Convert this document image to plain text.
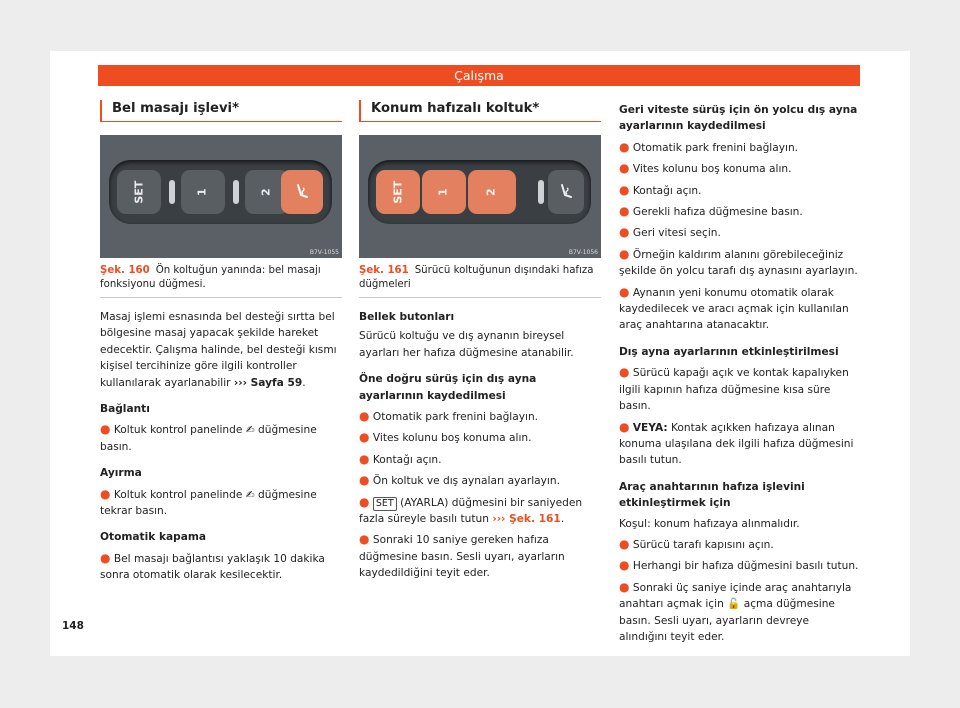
Çalışma
Bel masajı işlevi*
SET	1	2
B7V-1055
Şek. 160 Ön koltuğun yanında: bel masajı fonksiyonu düğmesi.

Masaj işlemi esnasında bel desteği sırtta bel bölgesine masaj yapacak şekilde hareket edecektir. Çalışma halinde, bel desteği kısmı kişisel tercihinize göre ilgili kontroller kullanılarak ayarlanabilir ››› Sayfa 59.

Bağlantı

● Koltuk kontrol panelinde ✍ düğmesine basın.

Ayırma

● Koltuk kontrol panelinde ✍ düğmesine tekrar basın.

Otomatik kapama

● Bel masajı bağlantısı yaklaşık 10 dakika sonra otomatik olarak kesilecektir.

Konum hafızalı koltuk*
SET	1	2
B7V-1056
Şek. 161 Sürücü koltuğunun dışındaki hafıza düğmeleri

Bellek butonları

Sürücü koltuğu ve dış aynanın bireysel ayarları her hafıza düğmesine atanabilir.

Öne doğru sürüş için dış ayna ayarlarının kaydedilmesi

● Otomatik park frenini bağlayın.

● Vites kolunu boş konuma alın.

● Kontağı açın.

● Ön koltuk ve dış aynaları ayarlayın.

● SET (AYARLA) düğmesini bir saniyeden fazla süreyle basılı tutun ››› Şek. 161.

● Sonraki 10 saniye gereken hafıza düğmesine basın. Sesli uyarı, ayarların kaydedildiğini teyit eder.

Geri viteste sürüş için ön yolcu dış ayna ayarlarının kaydedilmesi

● Otomatik park frenini bağlayın.

● Vites kolunu boş konuma alın.

● Kontağı açın.

● Gerekli hafıza düğmesine basın.

● Geri vitesi seçin.

● Örneğin kaldırım alanını görebileceğiniz şekilde ön yolcu tarafı dış aynasını ayarlayın.

● Aynanın yeni konumu otomatik olarak kaydedilecek ve aracı açmak için kullanılan araç anahtarına atanacaktır.

Dış ayna ayarlarının etkinleştirilmesi

● Sürücü kapağı açık ve kontak kapalıyken ilgili kapının hafıza düğmesine kısa süre basın.

● VEYA: Kontak açıkken hafızaya alınan konuma ulaşılana dek ilgili hafıza düğmesini basılı tutun.

Araç anahtarının hafıza işlevini etkinleştirmek için

Koşul: konum hafızaya alınmalıdır.

● Sürücü tarafı kapısını açın.

● Herhangi bir hafıza düğmesini basılı tutun.

● Sonraki üç saniye içinde araç anahtarıyla anahtarı açmak için 🔓 açma düğmesine basın. Sesli uyarı, ayarların devreye alındığını teyit eder.

148
